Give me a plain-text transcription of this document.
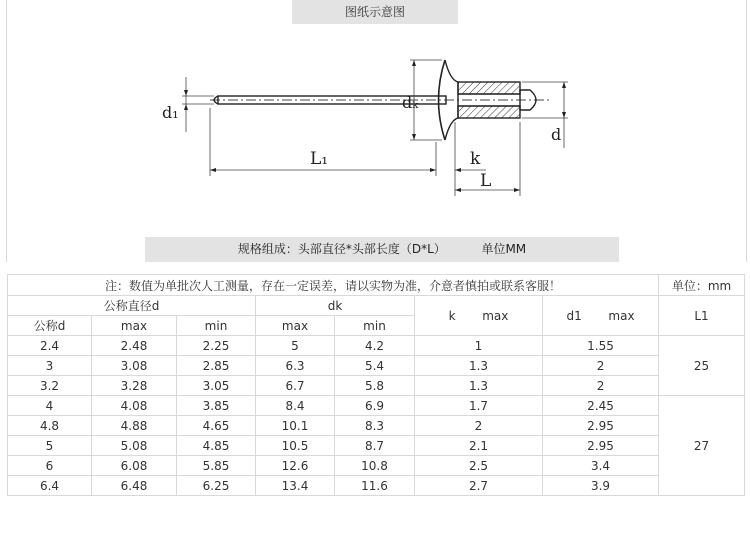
图纸示意图
d₁
dₖ
d
L₁	k
L
规格组成：头部直径*头部长度（D*L）	单位MM
注：数值为单批次人工测量，存在一定误差，请以实物为准，介意者慎拍或联系客服！							单位：mm
公称直径d			dk		k       max	d1       max	L1
公称d	max	min	max	min			
2.4	2.48	2.25	5	4.2	1	1.55	25
3	3.08	2.85	6.3	5.4	1.3	2	
3.2	3.28	3.05	6.7	5.8	1.3	2	
4	4.08	3.85	8.4	6.9	1.7	2.45	27
4.8	4.88	4.65	10.1	8.3	2	2.95	
5	5.08	4.85	10.5	8.7	2.1	2.95	
6	6.08	5.85	12.6	10.8	2.5	3.4	
6.4	6.48	6.25	13.4	11.6	2.7	3.9	
